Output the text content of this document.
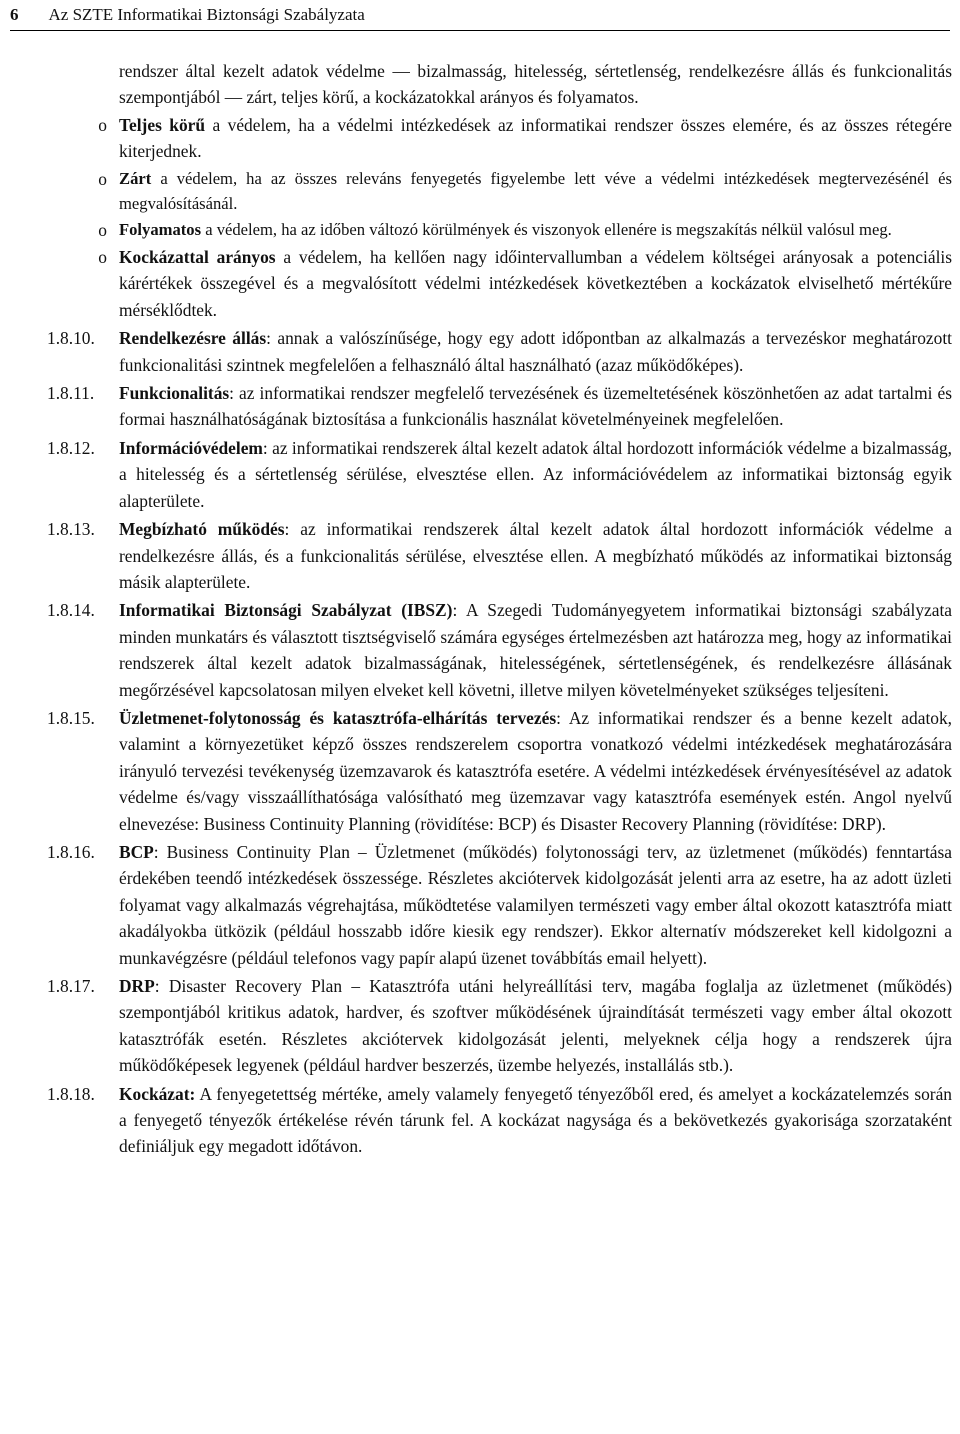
6 Az SZTE Informatikai Biztonsági Szabályzata

rendszer által kezelt adatok védelme — bizalmasság, hitelesség, sértetlenség, rendelkezésre állás és funkcionalitás szempontjából — zárt, teljes körű, a kockázatokkal arányos és folyamatos.

o Teljes körű a védelem, ha a védelmi intézkedések az informatikai rendszer összes elemére, és az összes rétegére kiterjednek.
o Zárt a védelem, ha az összes releváns fenyegetés figyelembe lett véve a védelmi intézkedések megtervezésénél és megvalósításánál.
o Folyamatos a védelem, ha az időben változó körülmények és viszonyok ellenére is megszakítás nélkül valósul meg.
o Kockázattal arányos a védelem, ha kellően nagy időintervallumban a védelem költségei arányosak a potenciális kárértékek összegével és a megvalósított védelmi intézkedések következtében a kockázatok elviselhető mértékűre mérséklődtek.
1.8.10.	Rendelkezésre állás: annak a valószínűsége, hogy egy adott időpontban az alkalmazás a tervezéskor meghatározott funkcionalitási szintnek megfelelően a felhasználó által használható (azaz működőképes).
1.8.11.	Funkcionalitás: az informatikai rendszer megfelelő tervezésének és üzemeltetésének köszönhetően az adat tartalmi és formai használhatóságának biztosítása a funkcionális használat követelményeinek megfelelően.
1.8.12.	Információvédelem: az informatikai rendszerek által kezelt adatok által hordozott információk védelme a bizalmasság, a hitelesség és a sértetlenség sérülése, elvesztése ellen. Az információvédelem az informatikai biztonság egyik alapterülete.
1.8.13.	Megbízható működés: az informatikai rendszerek által kezelt adatok által hordozott információk védelme a rendelkezésre állás, és a funkcionalitás sérülése, elvesztése ellen. A megbízható működés az informatikai biztonság másik alapterülete.
1.8.14.	Informatikai Biztonsági Szabályzat (IBSZ): A Szegedi Tudományegyetem informatikai biztonsági szabályzata minden munkatárs és választott tisztségviselő számára egységes értelmezésben azt határozza meg, hogy az informatikai rendszerek által kezelt adatok bizalmasságának, hitelességének, sértetlenségének, és rendelkezésre állásának megőrzésével kapcsolatosan milyen elveket kell követni, illetve milyen követelményeket szükséges teljesíteni.
1.8.15.	Üzletmenet-folytonosság és katasztrófa-elhárítás tervezés: Az informatikai rendszer és a benne kezelt adatok, valamint a környezetüket képző összes rendszerelem csoportra vonatkozó védelmi intézkedések meghatározására irányuló tervezési tevékenység üzemzavarok és katasztrófa esetére. A védelmi intézkedések érvényesítésével az adatok védelme és/vagy visszaállíthatósága valósítható meg üzemzavar vagy katasztrófa események estén. Angol nyelvű elnevezése: Business Continuity Planning (rövidítése: BCP) és Disaster Recovery Planning (rövidítése: DRP).
1.8.16.	BCP: Business Continuity Plan – Üzletmenet (működés) folytonossági terv, az üzletmenet (működés) fenntartása érdekében teendő intézkedések összessége. Részletes akciótervek kidolgozását jelenti arra az esetre, ha az adott üzleti folyamat vagy alkalmazás végrehajtása, működtetése valamilyen természeti vagy ember által okozott katasztrófa miatt akadályokba ütközik (például hosszabb időre kiesik egy rendszer). Ekkor alternatív módszereket kell kidolgozni a munkavégzésre (például telefonos vagy papír alapú üzenet továbbítás email helyett).
1.8.17.	DRP: Disaster Recovery Plan – Katasztrófa utáni helyreállítási terv, magába foglalja az üzletmenet (működés) szempontjából kritikus adatok, hardver, és szoftver működésének újraindítását természeti vagy ember által okozott katasztrófák esetén. Részletes akciótervek kidolgozását jelenti, melyeknek célja hogy a rendszerek újra működőképesek legyenek (például hardver beszerzés, üzembe helyezés, installálás stb.).
1.8.18.	Kockázat: A fenyegetettség mértéke, amely valamely fenyegető tényezőből ered, és amelyet a kockázatelemzés során a fenyegető tényezők értékelése révén tárunk fel. A kockázat nagysága és a bekövetkezés gyakorisága szorzataként definiáljuk egy megadott időtávon.
